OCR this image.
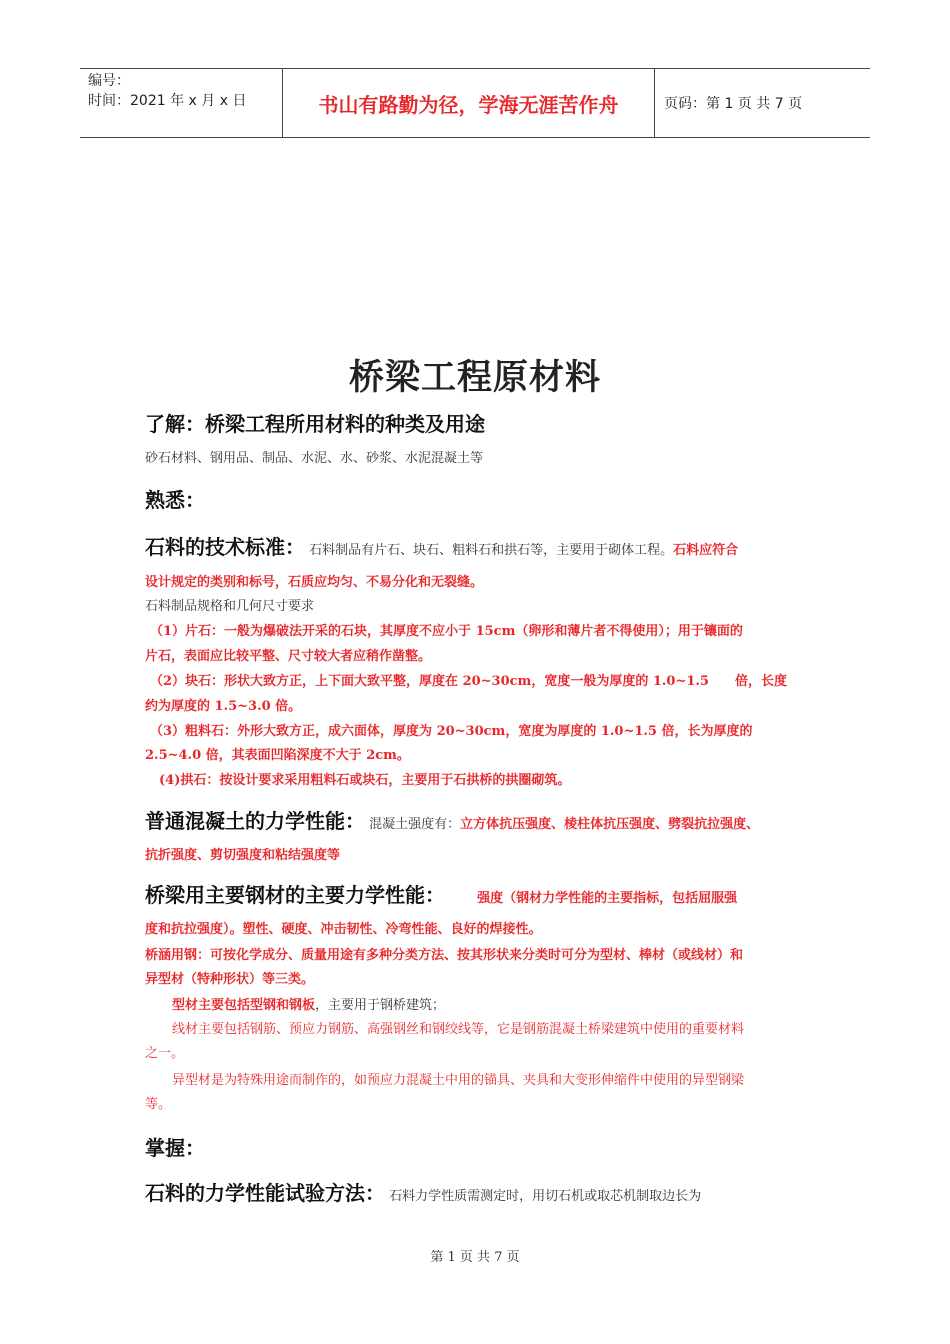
编号：
时间：2021 年 x 月 x 日	书山有路勤为径，学海无涯苦作舟	页码：第 1 页 共 7 页
桥梁工程原材料
了解：桥梁工程所用材料的种类及用途
砂石材料、钢用品、制品、水泥、水、砂浆、水泥混凝土等
熟悉：
石料的技术标准： 石料制品有片石、块石、粗料石和拱石等，主要用于砌体工程。石料应符合
设计规定的类别和标号，石质应均匀、不易分化和无裂缝。
石料制品规格和几何尺寸要求
（1）片石：一般为爆破法开采的石块，其厚度不应小于 15cm（卵形和薄片者不得使用）；用于镶面的
片石，表面应比较平整、尺寸较大者应稍作凿整。
（2）块石：形状大致方正，上下面大致平整，厚度在 20~30cm，宽度一般为厚度的 1.0~1.5　　倍，长度
约为厚度的 1.5~3.0 倍。
（3）粗料石：外形大致方正，成六面体，厚度为 20~30cm，宽度为厚度的 1.0~1.5 倍，长为厚度的
2.5~4.0 倍，其表面凹陷深度不大于 2cm。
(4)拱石：按设计要求采用粗料石或块石，主要用于石拱桥的拱圈砌筑。
普通混凝土的力学性能： 混凝土强度有：立方体抗压强度、棱柱体抗压强度、劈裂抗拉强度、
抗折强度、剪切强度和粘结强度等
桥梁用主要钢材的主要力学性能： 强度（钢材力学性能的主要指标，包括屈服强
度和抗拉强度）。塑性、硬度、冲击韧性、冷弯性能、良好的焊接性。
桥涵用钢：可按化学成分、质量用途有多种分类方法、按其形状来分类时可分为型材、棒材（或线材）和
异型材（特种形状）等三类。
型材主要包括型钢和钢板，主要用于钢桥建筑；
线材主要包括钢筋、预应力钢筋、高强钢丝和钢绞线等，它是钢筋混凝土桥梁建筑中使用的重要材料
之一。
异型材是为特殊用途而制作的，如预应力混凝土中用的锚具、夹具和大变形伸缩件中使用的异型钢梁
等。
掌握：
石料的力学性能试验方法： 石料力学性质需测定时，用切石机或取芯机制取边长为
第 1 页 共 7 页
